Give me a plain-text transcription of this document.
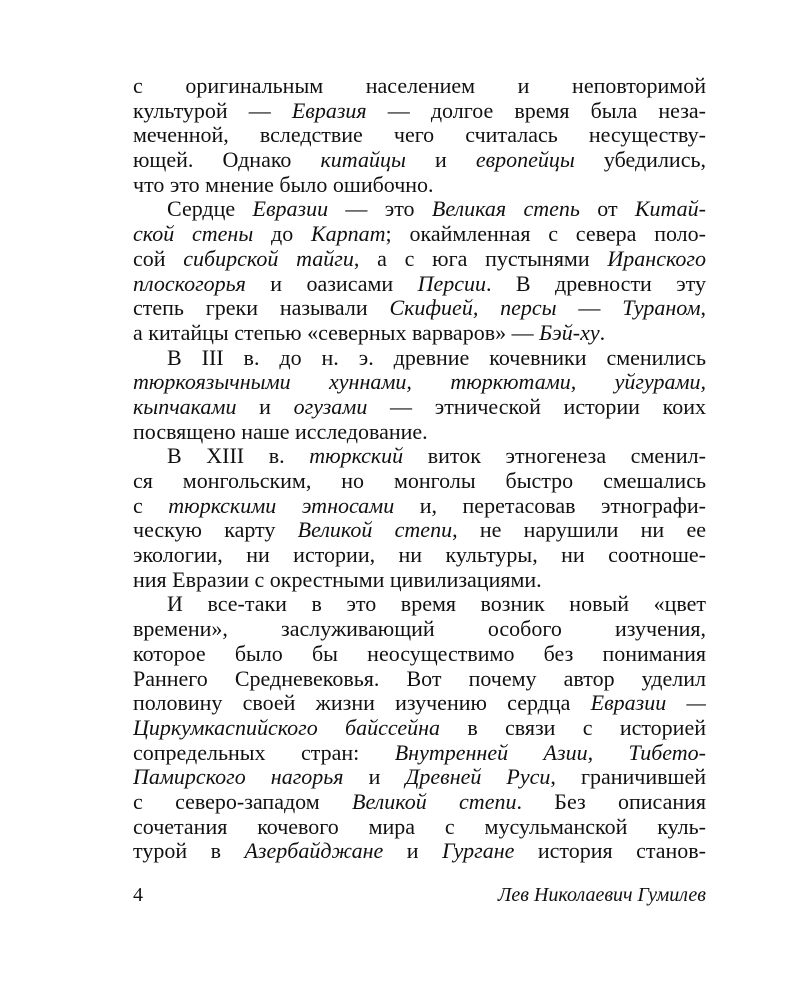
с оригинальным населением и неповторимой
культурой — Евразия — долгое время была неза-
меченной, вследствие чего считалась несуществу-
ющей. Однако китайцы и европейцы убедились,
что это мнение было ошибочно.
Сердце Евразии — это Великая степь от Китай-
ской стены до Карпат; окаймленная с севера поло-
сой сибирской тайги, а с юга пустынями Иранского
плоскогорья и оазисами Персии. В древности эту
степь греки называли Скифией, персы — Тураном,
а китайцы степью «северных варваров» — Бэй-ху.
В III в. до н. э. древние кочевники сменились
тюркоязычными хуннами, тюркютами, уйгурами,
кыпчаками и огузами — этнической истории коих
посвящено наше исследование.
В XIII в. тюркский виток этногенеза сменил-
ся монгольским, но монголы быстро смешались
с тюркскими этносами и, перетасовав этнографи-
ческую карту Великой степи, не нарушили ни ее
экологии, ни истории, ни культуры, ни соотноше-
ния Евразии с окрестными цивилизациями.
И все-таки в это время возник новый «цвет
времени», заслуживающий особого изучения,
которое было бы неосуществимо без понимания
Раннего Средневековья. Вот почему автор уделил
половину своей жизни изучению сердца Евразии —
Циркумкаспийского байссейна в связи с историей
сопредельных стран: Внутренней Азии, Тибето-
Памирского нагорья и Древней Руси, граничившей
с северо-западом Великой степи. Без описания
сочетания кочевого мира с мусульманской куль-
турой в Азербайджане и Гургане история станов-
4	Лев Николаевич Гумилев
